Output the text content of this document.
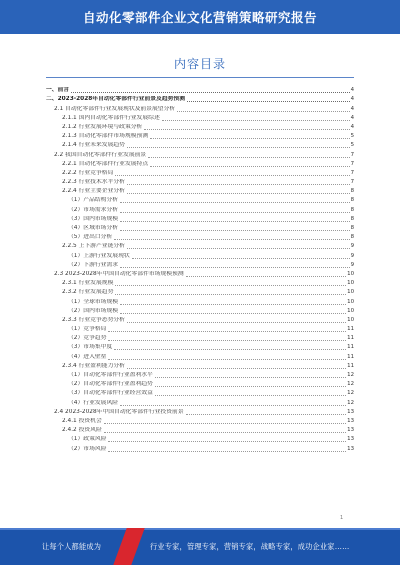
自动化零部件企业文化营销策略研究报告
内容目录
一、前言	4
二、2023-2028年自动化零部件行业前景及趋势预测	4
2.1 自动化零部件行业发展现状及前景展望分析	4
2.1.1 国内自动化零部件行业发展综述	4
2.1.2 行业发展环境与政策分析	4
2.1.3 自动化零部件市场规模预测	5
2.1.4 行业未来发展趋势	5
2.2 我国自动化零部件行业发展前景	7
2.2.1 自动化零部件行业发展特点	7
2.2.2 行业竞争格局	7
2.2.3 行业技术水平分析	7
2.2.4 行业主要企业分析	8
（1）产品结构分析	8
（2）市场需求分析	8
（3）国内市场规模	8
（4）区域市场分析	8
（5）进出口分析	8
2.2.5 上下游产业链分析	9
（1）上游行业发展现状	9
（2）下游行业需求	9
2.3 2023-2028年中国自动化零部件市场规模预测	10
2.3.1 行业发展规模	10
2.3.2 行业发展趋势	10
（1）全球市场规模	10
（2）国内市场规模	10
2.3.3 行业竞争态势分析	10
（1）竞争格局	11
（2）竞争趋势	11
（3）市场集中度	11
（4）进入壁垒	11
2.3.4 行业盈利能力分析	11
（1）自动化零部件行业盈利水平	12
（2）自动化零部件行业盈利趋势	12
（3）自动化零部件行业经营效益	12
（4）行业发展风险	12
2.4 2023-2028年中国自动化零部件行业投资前景	13
2.4.1 投资机会	13
2.4.2 投资风险	13
（1）政策风险	13
（2）市场风险	13
1
让每个人都能成为	行业专家，管理专家，营销专家，战略专家，成功企业家……
